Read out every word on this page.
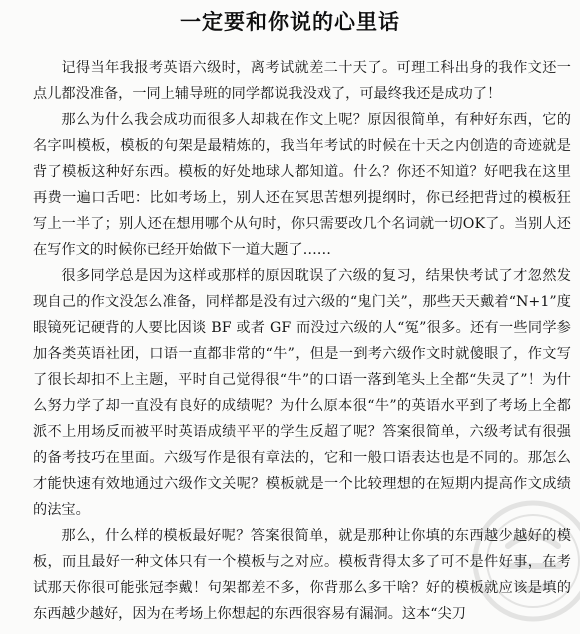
一定要和你说的心里话

记得当年我报考英语六级时，离考试就差二十天了。可理工科出身的我作文还一点儿都没准备，一同上辅导班的同学都说我没戏了，可最终我还是成功了！

那么为什么我会成功而很多人却栽在作文上呢？原因很简单，有种好东西，它的名字叫模板，模板的句架是最精炼的，我当年考试的时候在十天之内创造的奇迹就是背了模板这种好东西。模板的好处地球人都知道。什么？你还不知道？好吧我在这里再费一遍口舌吧：比如考场上，别人还在冥思苦想列提纲时，你已经把背过的模板狂写上一半了；别人还在想用哪个从句时，你只需要改几个名词就一切OK了。当别人还在写作文的时候你已经开始做下一道大题了……

很多同学总是因为这样或那样的原因耽误了六级的复习，结果快考试了才忽然发现自己的作文没怎么准备，同样都是没有过六级的“鬼门关”，那些天天戴着“N+1”度眼镜死记硬背的人要比因谈 BF 或者 GF 而没过六级的人“冤”很多。还有一些同学参加各类英语社团，口语一直都非常的“牛”，但是一到考六级作文时就傻眼了，作文写了很长却扣不上主题，平时自己觉得很“牛”的口语一落到笔头上全都“失灵了”！为什么努力学了却一直没有良好的成绩呢？为什么原本很“牛”的英语水平到了考场上全都派不上用场反而被平时英语成绩平平的学生反超了呢？答案很简单，六级考试有很强的备考技巧在里面。六级写作是很有章法的，它和一般口语表达也是不同的。那怎么才能快速有效地通过六级作文关呢？模板就是一个比较理想的在短期内提高作文成绩的法宝。

那么，什么样的模板最好呢？答案很简单，就是那种让你填的东西越少越好的模板，而且最好一种文体只有一个模板与之对应。模板背得太多了可不是件好事，在考试那天你很可能张冠李戴！句架都差不多，你背那么多干啥？好的模板就应该是填的东西越少越好，因为在考场上你想起的东西很容易有漏洞。这本“尖刀
